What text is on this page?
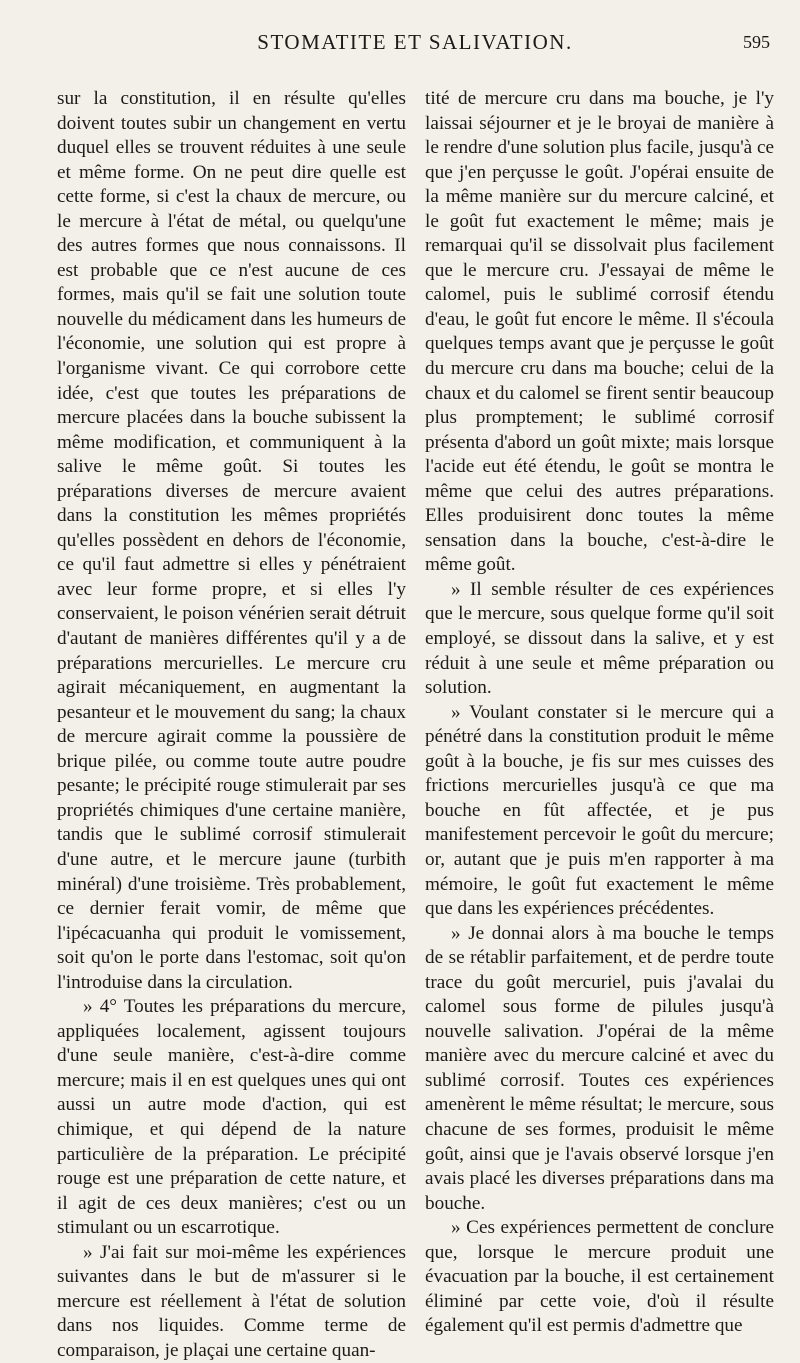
STOMATITE ET SALIVATION.	595

sur la constitution, il en résulte qu'elles doivent toutes subir un changement en vertu duquel elles se trouvent réduites à une seule et même forme. On ne peut dire quelle est cette forme, si c'est la chaux de mercure, ou le mercure à l'état de métal, ou quelqu'une des autres formes que nous connaissons. Il est probable que ce n'est aucune de ces formes, mais qu'il se fait une solution toute nouvelle du médicament dans les humeurs de l'économie, une solution qui est propre à l'organisme vivant. Ce qui corrobore cette idée, c'est que toutes les préparations de mercure placées dans la bouche subissent la même modification, et communiquent à la salive le même goût. Si toutes les préparations diverses de mercure avaient dans la constitution les mêmes propriétés qu'elles possèdent en dehors de l'économie, ce qu'il faut admettre si elles y pénétraient avec leur forme propre, et si elles l'y conservaient, le poison vénérien serait détruit d'autant de manières différentes qu'il y a de préparations mercurielles. Le mercure cru agirait mécaniquement, en augmentant la pesanteur et le mouvement du sang; la chaux de mercure agirait comme la poussière de brique pilée, ou comme toute autre poudre pesante; le précipité rouge stimulerait par ses propriétés chimiques d'une certaine manière, tandis que le sublimé corrosif stimulerait d'une autre, et le mercure jaune (turbith minéral) d'une troisième. Très probablement, ce dernier ferait vomir, de même que l'ipécacuanha qui produit le vomissement, soit qu'on le porte dans l'estomac, soit qu'on l'introduise dans la circulation.

» 4° Toutes les préparations du mercure, appliquées localement, agissent toujours d'une seule manière, c'est-à-dire comme mercure; mais il en est quelques unes qui ont aussi un autre mode d'action, qui est chimique, et qui dépend de la nature particulière de la préparation. Le précipité rouge est une préparation de cette nature, et il agit de ces deux manières; c'est ou un stimulant ou un escarrotique.

» J'ai fait sur moi-même les expériences suivantes dans le but de m'assurer si le mercure est réellement à l'état de solution dans nos liquides. Comme terme de comparaison, je plaçai une certaine quan-

tité de mercure cru dans ma bouche, je l'y laissai séjourner et je le broyai de manière à le rendre d'une solution plus facile, jusqu'à ce que j'en perçusse le goût. J'opérai ensuite de la même manière sur du mercure calciné, et le goût fut exactement le même; mais je remarquai qu'il se dissolvait plus facilement que le mercure cru. J'essayai de même le calomel, puis le sublimé corrosif étendu d'eau, le goût fut encore le même. Il s'écoula quelques temps avant que je perçusse le goût du mercure cru dans ma bouche; celui de la chaux et du calomel se firent sentir beaucoup plus promptement; le sublimé corrosif présenta d'abord un goût mixte; mais lorsque l'acide eut été étendu, le goût se montra le même que celui des autres préparations. Elles produisirent donc toutes la même sensation dans la bouche, c'est-à-dire le même goût.

» Il semble résulter de ces expériences que le mercure, sous quelque forme qu'il soit employé, se dissout dans la salive, et y est réduit à une seule et même préparation ou solution.

» Voulant constater si le mercure qui a pénétré dans la constitution produit le même goût à la bouche, je fis sur mes cuisses des frictions mercurielles jusqu'à ce que ma bouche en fût affectée, et je pus manifestement percevoir le goût du mercure; or, autant que je puis m'en rapporter à ma mémoire, le goût fut exactement le même que dans les expériences précédentes.

» Je donnai alors à ma bouche le temps de se rétablir parfaitement, et de perdre toute trace du goût mercuriel, puis j'avalai du calomel sous forme de pilules jusqu'à nouvelle salivation. J'opérai de la même manière avec du mercure calciné et avec du sublimé corrosif. Toutes ces expériences amenèrent le même résultat; le mercure, sous chacune de ses formes, produisit le même goût, ainsi que je l'avais observé lorsque j'en avais placé les diverses préparations dans ma bouche.

» Ces expériences permettent de conclure que, lorsque le mercure produit une évacuation par la bouche, il est certainement éliminé par cette voie, d'où il résulte également qu'il est permis d'admettre que
